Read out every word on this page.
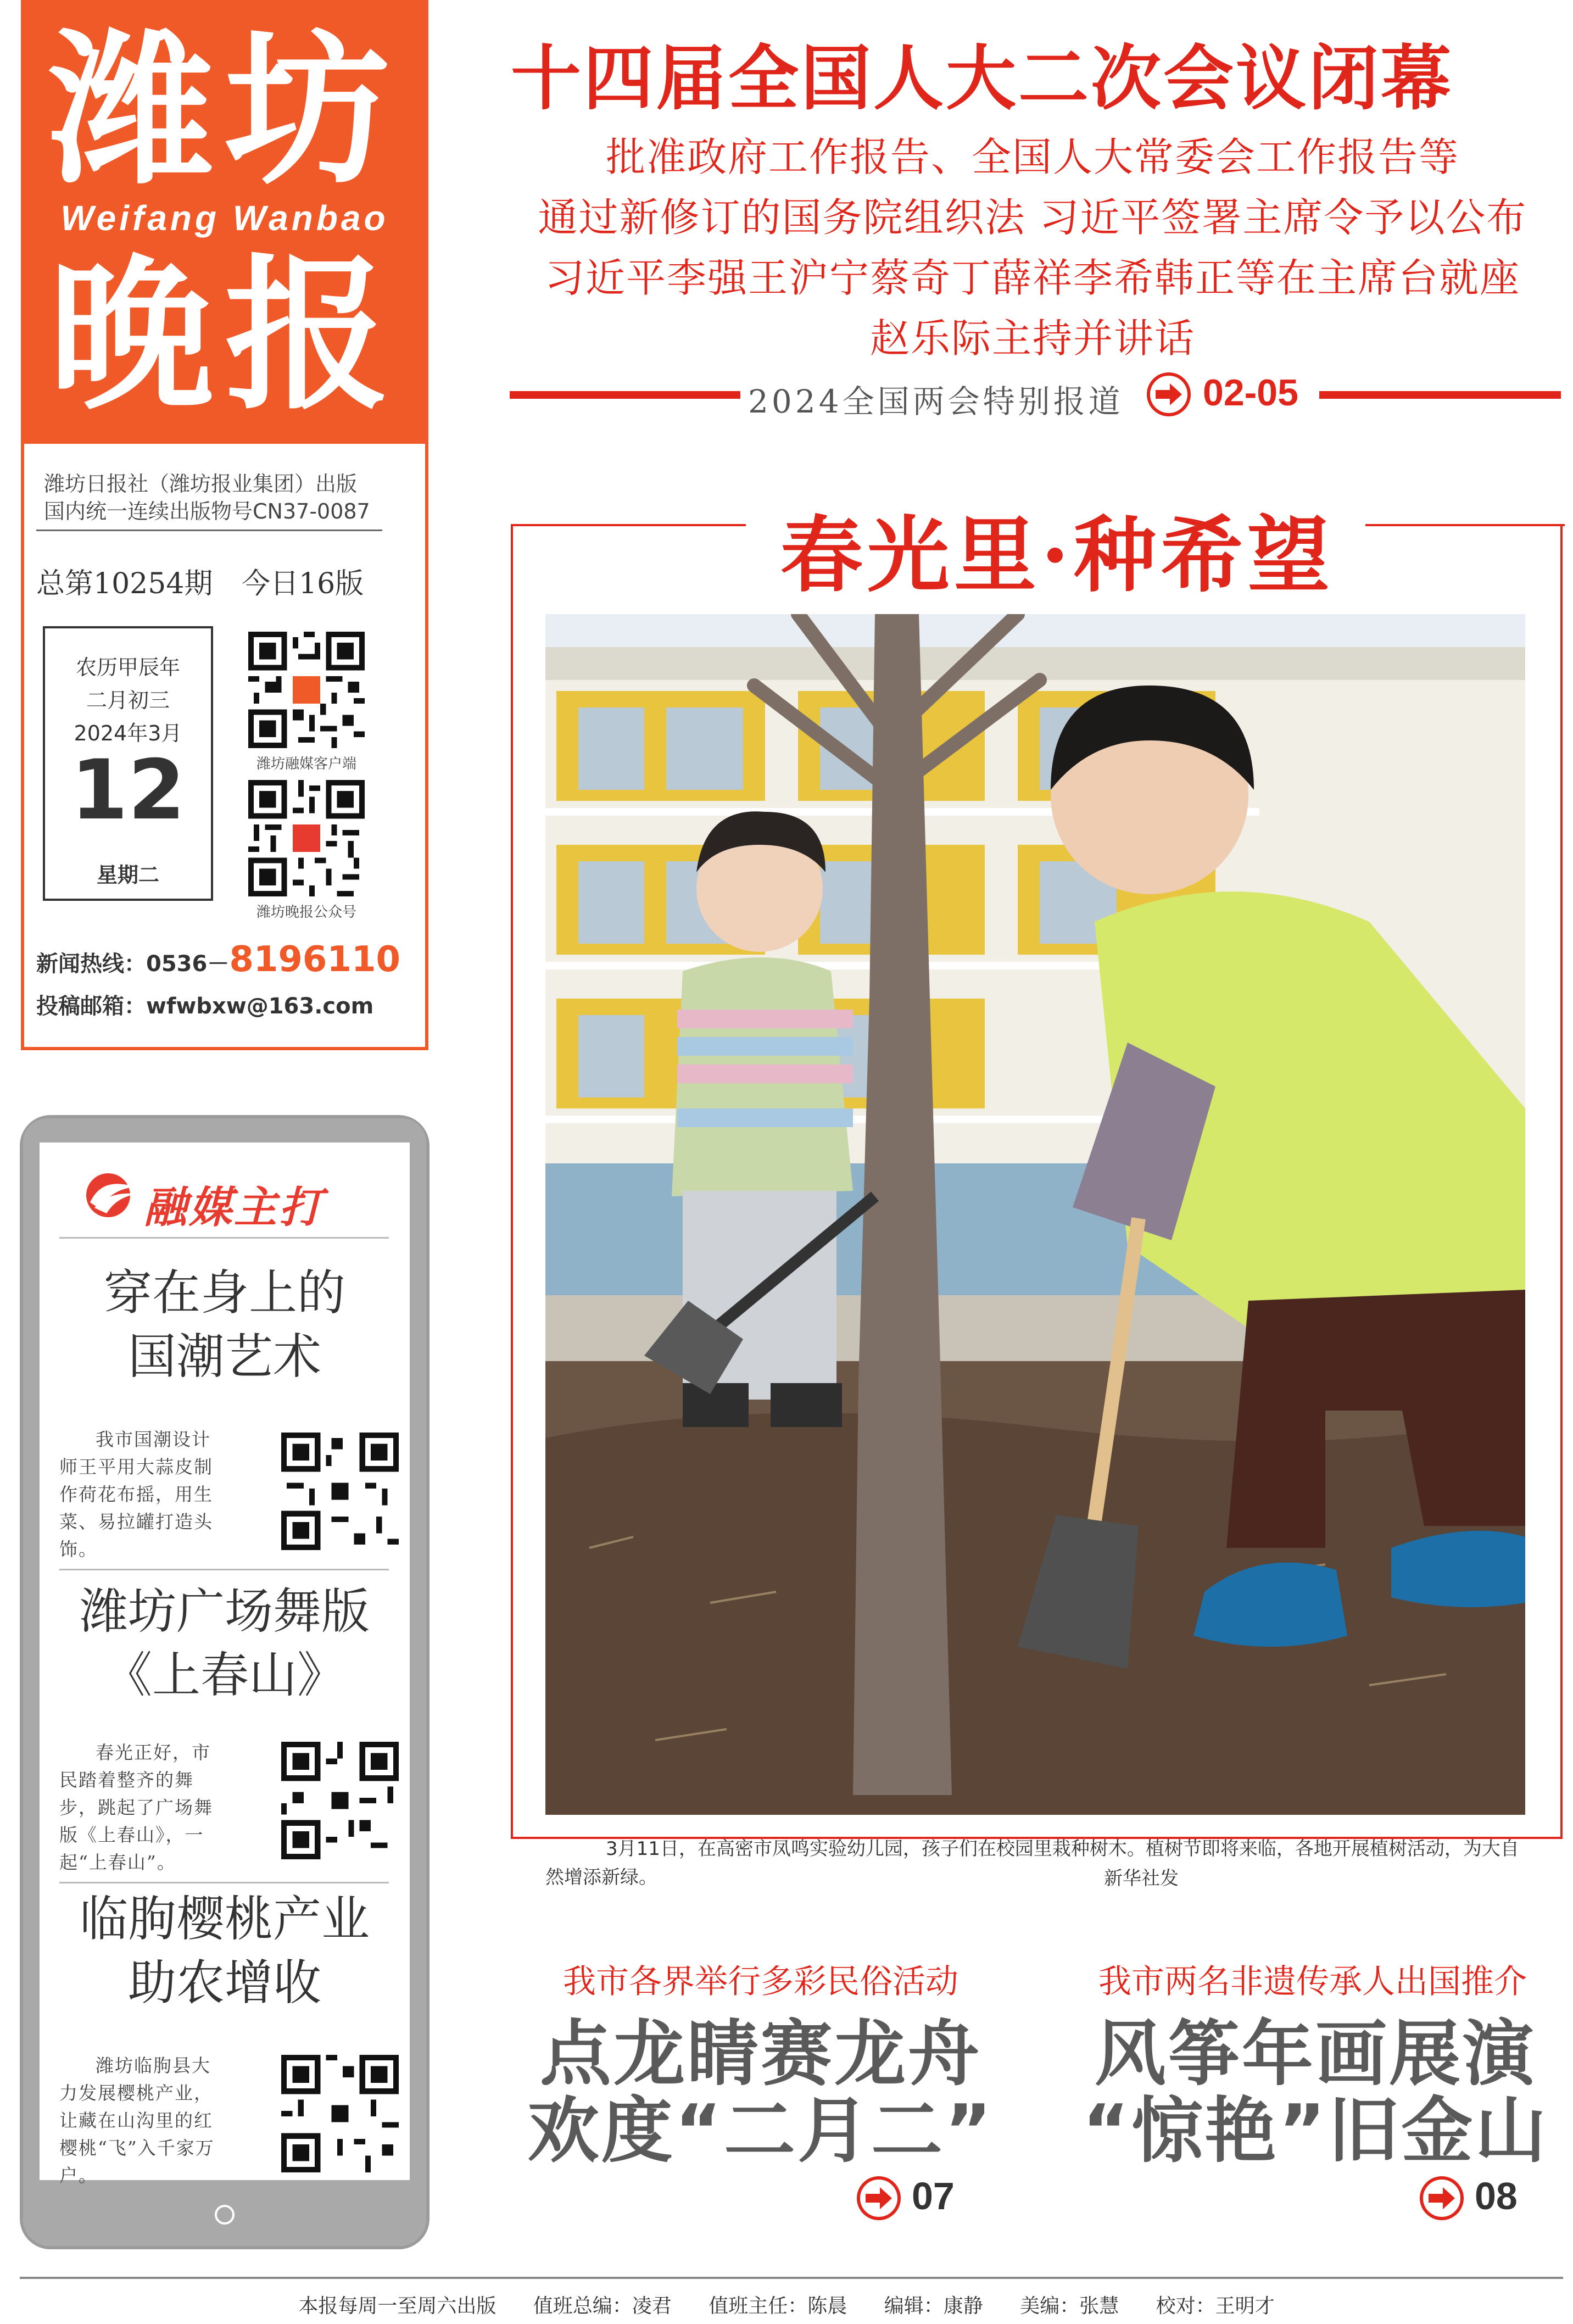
潍坊
Weifang Wanbao
晚报
潍坊日报社（潍坊报业集团）出版
国内统一连续出版物号CN37-0087
总第10254期 今日16版
农历甲辰年
二月初三
2024年3月
12
星期二
潍坊融媒客户端
潍坊晚报公众号
新闻热线：0536－8196110
投稿邮箱：wfwbxw@163.com
融媒主打
穿在身上的
国潮艺术
我市国潮设计师王平用大蒜皮制作荷花布摇，用生菜、易拉罐打造头饰。
潍坊广场舞版
《上春山》
春光正好，市民踏着整齐的舞步，跳起了广场舞版《上春山》，一起“上春山”。
临朐樱桃产业
助农增收
潍坊临朐县大力发展樱桃产业，让藏在山沟里的红樱桃“飞”入千家万户。
十四届全国人大二次会议闭幕
批准政府工作报告、全国人大常委会工作报告等
通过新修订的国务院组织法 习近平签署主席令予以公布
习近平李强王沪宁蔡奇丁薛祥李希韩正等在主席台就座
赵乐际主持并讲话
2024全国两会特别报道 02-05
春光里·种希望
3月11日，在高密市凤鸣实验幼儿园，孩子们在校园里栽种树木。植树节即将来临，各地开展植树活动，为大自然增添新绿。	新华社发
我市各界举行多彩民俗活动
点龙睛赛龙舟
欢度“二月二”
07
我市两名非遗传承人出国推介
风筝年画展演
“惊艳”旧金山
08
本报每周一至周六出版 值班总编：凌君 值班主任：陈晨 编辑：康静 美编：张慧 校对：王明才
